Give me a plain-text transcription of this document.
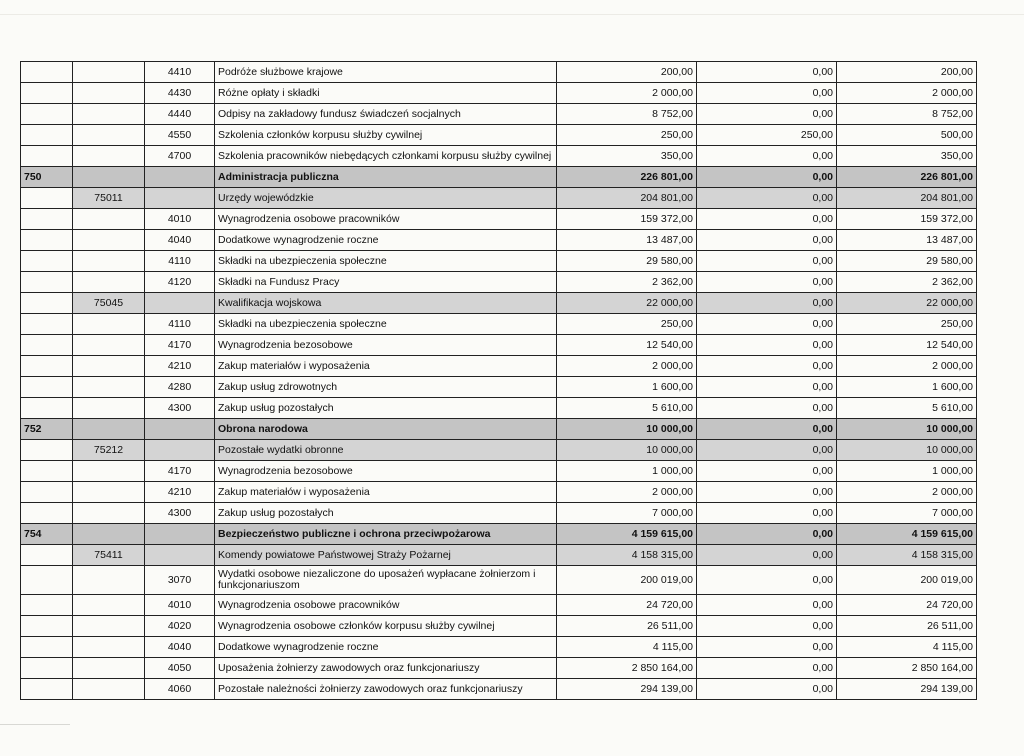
		4410	Podróże służbowe krajowe	200,00	0,00	200,00
		4430	Różne opłaty i składki	2 000,00	0,00	2 000,00
		4440	Odpisy na zakładowy fundusz świadczeń socjalnych	8 752,00	0,00	8 752,00
		4550	Szkolenia członków korpusu służby cywilnej	250,00	250,00	500,00
		4700	Szkolenia pracowników niebędących członkami korpusu służby cywilnej	350,00	0,00	350,00
750			Administracja publiczna	226 801,00	0,00	226 801,00
	75011		Urzędy wojewódzkie	204 801,00	0,00	204 801,00
		4010	Wynagrodzenia osobowe pracowników	159 372,00	0,00	159 372,00
		4040	Dodatkowe wynagrodzenie roczne	13 487,00	0,00	13 487,00
		4110	Składki na ubezpieczenia społeczne	29 580,00	0,00	29 580,00
		4120	Składki na Fundusz Pracy	2 362,00	0,00	2 362,00
	75045		Kwalifikacja wojskowa	22 000,00	0,00	22 000,00
		4110	Składki na ubezpieczenia społeczne	250,00	0,00	250,00
		4170	Wynagrodzenia bezosobowe	12 540,00	0,00	12 540,00
		4210	Zakup materiałów i wyposażenia	2 000,00	0,00	2 000,00
		4280	Zakup usług zdrowotnych	1 600,00	0,00	1 600,00
		4300	Zakup usług pozostałych	5 610,00	0,00	5 610,00
752			Obrona narodowa	10 000,00	0,00	10 000,00
	75212		Pozostałe wydatki obronne	10 000,00	0,00	10 000,00
		4170	Wynagrodzenia bezosobowe	1 000,00	0,00	1 000,00
		4210	Zakup materiałów i wyposażenia	2 000,00	0,00	2 000,00
		4300	Zakup usług pozostałych	7 000,00	0,00	7 000,00
754			Bezpieczeństwo publiczne i ochrona przeciwpożarowa	4 159 615,00	0,00	4 159 615,00
	75411		Komendy powiatowe Państwowej Straży Pożarnej	4 158 315,00	0,00	4 158 315,00
		3070	Wydatki osobowe niezaliczone do uposażeń wypłacane żołnierzom i funkcjonariuszom	200 019,00	0,00	200 019,00
		4010	Wynagrodzenia osobowe pracowników	24 720,00	0,00	24 720,00
		4020	Wynagrodzenia osobowe członków korpusu służby cywilnej	26 511,00	0,00	26 511,00
		4040	Dodatkowe wynagrodzenie roczne	4 115,00	0,00	4 115,00
		4050	Uposażenia żołnierzy zawodowych oraz funkcjonariuszy	2 850 164,00	0,00	2 850 164,00
		4060	Pozostałe należności żołnierzy zawodowych oraz funkcjonariuszy	294 139,00	0,00	294 139,00
